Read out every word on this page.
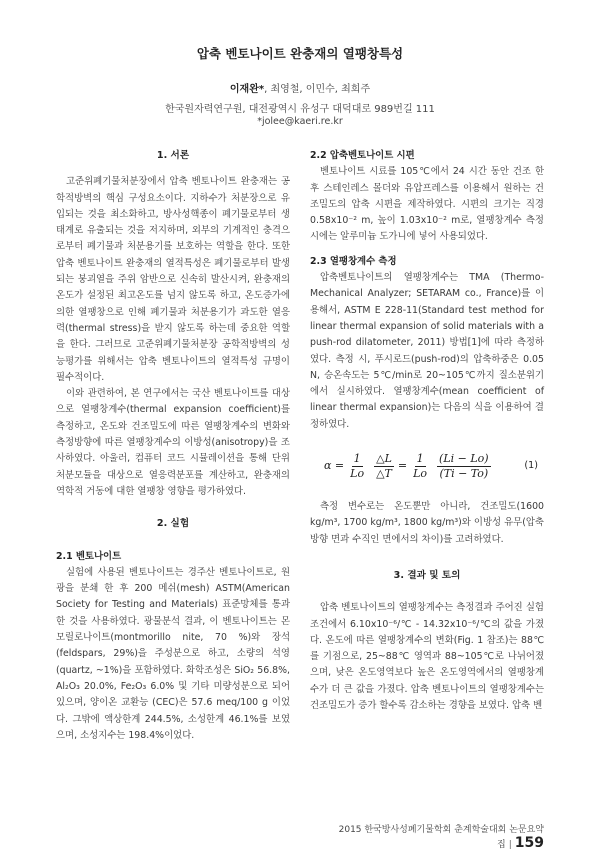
압축 벤토나이트 완충재의 열팽창특성
이재완*, 최영철, 이민수, 최희주
한국원자력연구원, 대전광역시 유성구 대덕대로 989번길 111
*jolee@kaeri.re.kr
1. 서론

고준위폐기물처분장에서 압축 벤토나이트 완충재는 공학적방벽의 핵심 구성요소이다. 지하수가 처분장으로 유입되는 것을 최소화하고, 방사성핵종이 폐기물로부터 생태계로 유출되는 것을 저지하며, 외부의 기계적인 충격으로부터 폐기물과 처분용기를 보호하는 역할을 한다. 또한 압축 벤토나이트 완충재의 열적특성은 폐기물로부터 발생되는 붕괴열을 주위 암반으로 신속히 발산시켜, 완충재의 온도가 설정된 최고온도를 넘지 않도록 하고, 온도증가에 의한 열팽창으로 인해 폐기물과 처분용기가 과도한 열응력(thermal stress)을 받지 않도록 하는데 중요한 역할을 한다. 그러므로 고준위폐기물처분장 공학적방벽의 성능평가를 위해서는 압축 벤토나이트의 열적특성 규명이 필수적이다.

이와 관련하여, 본 연구에서는 국산 벤토나이트를 대상으로 열팽창계수(thermal expansion coefficient)를 측정하고, 온도와 건조밀도에 따른 열팽창계수의 변화와 측정방향에 따른 열팽창계수의 이방성(anisotropy)을 조사하였다. 아울러, 컴퓨터 코드 시뮬레이션을 통해 단위 처분모듈을 대상으로 열응력분포를 계산하고, 완충재의 역학적 거동에 대한 열팽창 영향을 평가하였다.

2. 실험
2.1 벤토나이트

실험에 사용된 벤토나이트는 경주산 벤토나이트로, 원광을 분쇄 한 후 200 메쉬(mesh) ASTM(American Society for Testing and Materials) 표준망체를 통과한 것을 사용하였다. 광물분석 결과, 이 벤토나이트는 몬모릴로나이트(montmorillo nite, 70 %)와 장석(feldspars, 29%)을 주성분으로 하고, 소량의 석영 (quartz, ~1%)을 포함하였다. 화학조성은 SiO₂ 56.8%, Al₂O₃ 20.0%, Fe₂O₃ 6.0% 및 기타 미량성분으로 되어 있으며, 양이온 교환능 (CEC)은 57.6 meq/100 g 이었다. 그밖에 액상한계 244.5%, 소성한계 46.1%를 보였으며, 소성지수는 198.4%이었다.

2.2 압축벤토나이트 시편

벤토나이트 시료를 105℃에서 24 시간 동안 건조 한 후 스테인레스 몰더와 유압프레스를 이용해서 원하는 건조밀도의 압축 시편을 제작하였다. 시편의 크기는 직경 0.58x10⁻² m, 높이 1.03x10⁻² m로, 열팽창계수 측정 시에는 알루미늄 도가니에 넣어 사용되었다.

2.3 열팽창계수 측정

압축벤토나이트의 열팽창계수는 TMA (Thermo-Mechanical Analyzer; SETARAM co., France)를 이용해서, ASTM E 228-11(Standard test method for linear thermal expansion of solid materials with a push-rod dilatometer, 2011) 방법[1]에 따라 측정하였다. 측정 시, 푸시로드(push-rod)의 압축하중은 0.05 N, 승온속도는 5℃/min로 20~105℃까지 질소분위기에서 실시하였다. 열팽창계수(mean coefficient of linear thermal expansion)는 다음의 식을 이용하여 결정하였다.

$\alpha = \frac{1}{Lo} \frac{\triangle L}{\triangle T} = \frac{1}{Lo} \frac{(Li - Lo)}{(Ti - To)}$	(1)

측정 변수로는 온도뿐만 아니라, 건조밀도(1600 kg/m³, 1700 kg/m³, 1800 kg/m³)와 이방성 유무(압축방향 면과 수직인 면에서의 차이)를 고려하였다.

3. 결과 및 토의

압축 벤토나이트의 열팽창계수는 측정결과 주어진 실험조건에서 6.10x10⁻⁶/℃ - 14.32x10⁻⁶/℃의 값을 가졌다. 온도에 따른 열팽창계수의 변화(Fig. 1 참조)는 88℃를 기점으로, 25~88℃ 영역과 88~105℃로 나뉘어졌으며, 낮은 온도영역보다 높은 온도영역에서의 열팽창계수가 더 큰 값을 가졌다. 압축 벤토나이트의 열팽창계수는 건조밀도가 증가 할수록 감소하는 경향을 보였다. 압축 벤

2015 한국방사성폐기물학회 춘계학술대회 논문요약집 | 159
